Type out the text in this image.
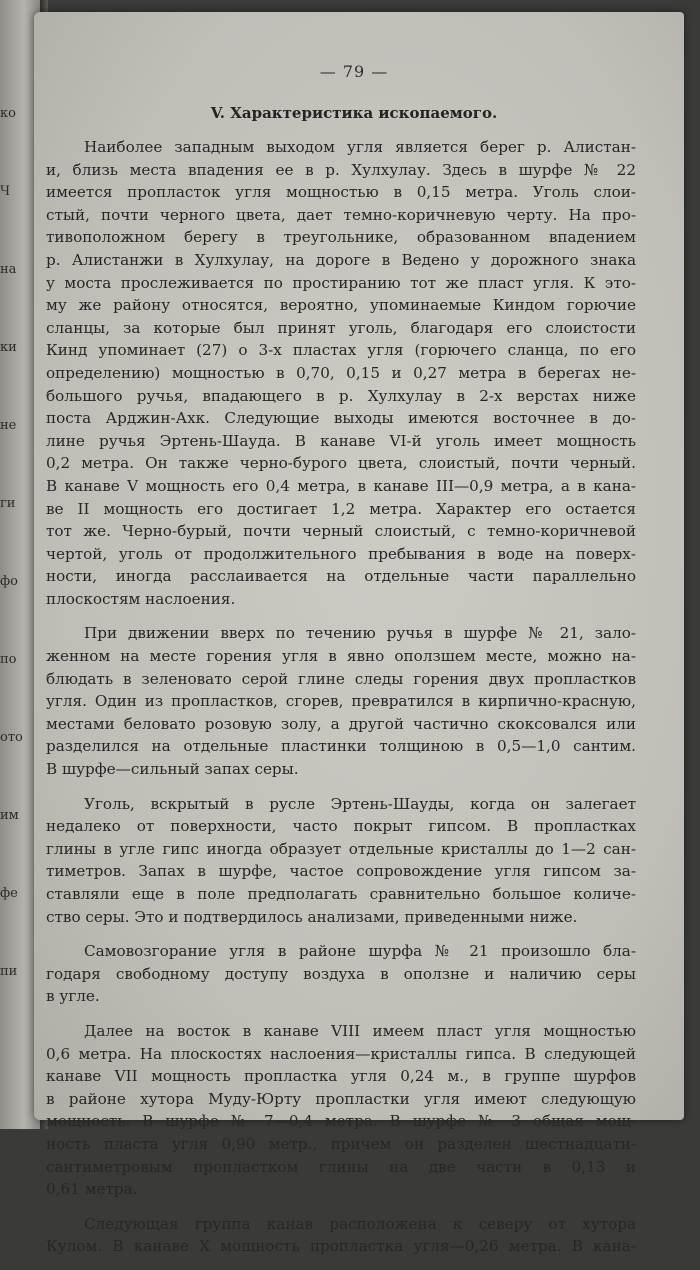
ко
Ч
на
ки
не
ги
фо
по
ото
им
фе
пи
— 79 —
V. Характеристика ископаемого.
Наиболее западным выходом угля является берег р. Алистан-
и, близь места впадения ее в р. Хулхулау. Здесь в шурфе № 22
имеется пропласток угля мощностью в 0,15 метра. Уголь слои-
стый, почти черного цвета, дает темно-коричневую черту. На про-
тивоположном берегу в треугольнике, образованном впадением
р. Алистанжи в Хулхулау, на дороге в Ведено у дорожного знака
у моста прослеживается по простиранию тот же пласт угля. К это-
му же району относятся, вероятно, упоминаемые Киндом горючие
сланцы, за которые был принят уголь, благодаря его слоистости
Кинд упоминает (27) о 3-х пластах угля (горючего сланца, по его
определению) мощностью в 0,70, 0,15 и 0,27 метра в берегах не-
большого ручья, впадающего в р. Хулхулау в 2-х верстах ниже
поста Арджин-Ахк. Следующие выходы имеются восточнее в до-
лине ручья Эртень-Шауда. В канаве VI-й уголь имеет мощность
0,2 метра. Он также черно-бурого цвета, слоистый, почти черный.
В канаве V мощность его 0,4 метра, в канаве III—0,9 метра, а в кана-
ве II мощность его достигает 1,2 метра. Характер его остается
тот же. Черно-бурый, почти черный слоистый, с темно-коричневой
чертой, уголь от продолжительного пребывания в воде на поверх-
ности, иногда расслаивается на отдельные части параллельно
плоскостям наслоения.
При движении вверх по течению ручья в шурфе № 21, зало-
женном на месте горения угля в явно оползшем месте, можно на-
блюдать в зеленовато серой глине следы горения двух пропластков
угля. Один из пропластков, сгорев, превратился в кирпично-красную,
местами беловато розовую золу, а другой частично скоксовался или
разделился на отдельные пластинки толщиною в 0,5—1,0 сантим.
В шурфе—сильный запах серы.
Уголь, вскрытый в русле Эртень-Шауды, когда он залегает
недалеко от поверхности, часто покрыт гипсом. В пропластках
глины в угле гипс иногда образует отдельные кристаллы до 1—2 сан-
тиметров. Запах в шурфе, частое сопровождение угля гипсом за-
ставляли еще в поле предполагать сравнительно большое количе-
ство серы. Это и подтвердилось анализами, приведенными ниже.
Самовозгорание угля в районе шурфа № 21 произошло бла-
годаря свободному доступу воздуха в оползне и наличию серы
в угле.
Далее на восток в канаве VIII имеем пласт угля мощностью
0,6 метра. На плоскостях наслоения—кристаллы гипса. В следующей
канаве VII мощность пропластка угля 0,24 м., в группе шурфов
в районе хутора Муду-Юрту пропластки угля имеют следующую
мощность. В шурфе № 7—0,4 метра. В шурфе № 3 общая мощ-
ность пласта угля 0,90 метр., причем он разделен шестнадцати-
сантиметровым пропластком глины на две части в 0,13 и
0,61 метра.
Следующая группа канав расположена к северу от хутора
Кулом. В канаве X мощность пропластка угля—0,26 метра. В кана-
